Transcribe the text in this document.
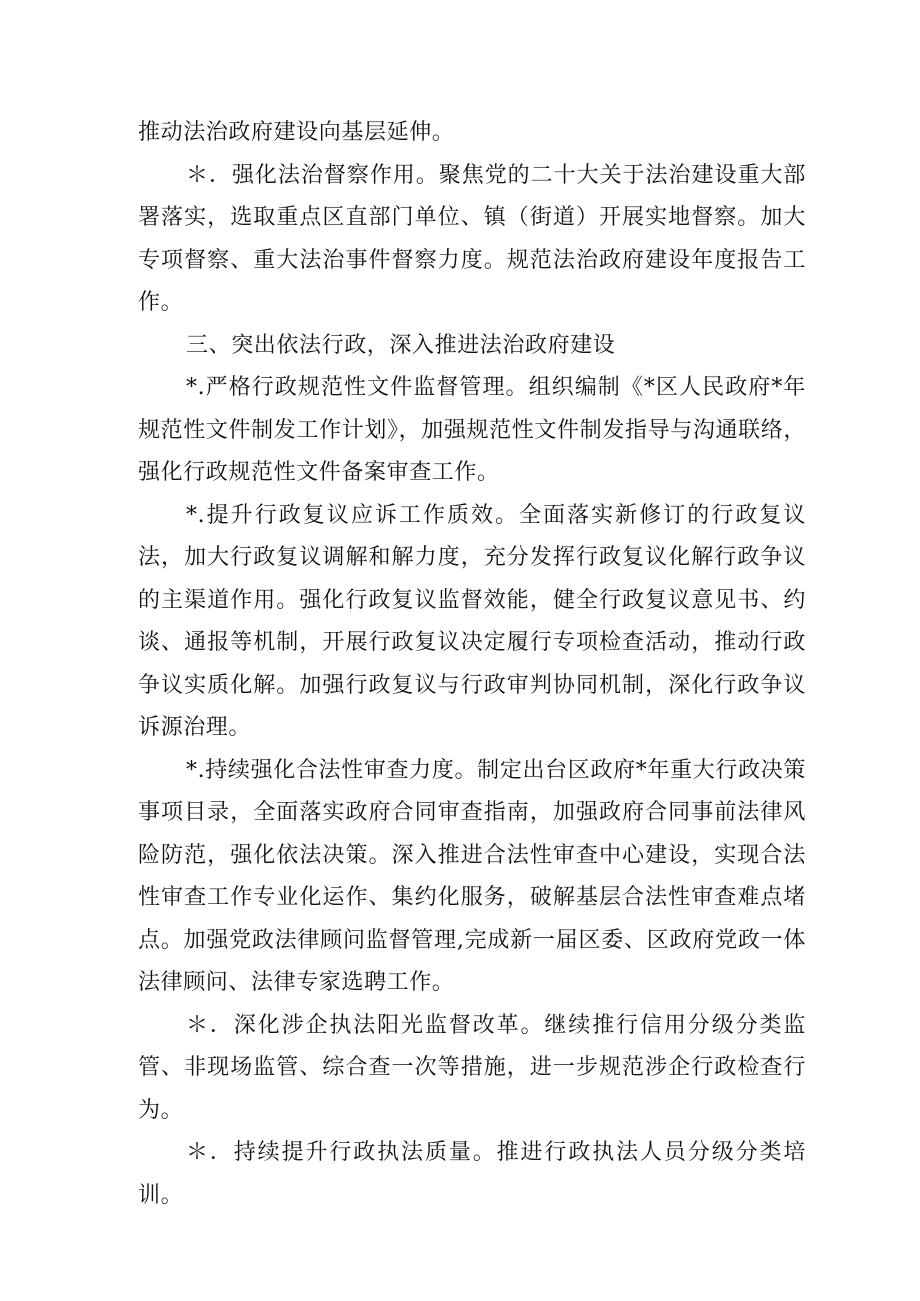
推动法治政府建设向基层延伸。

＊．强化法治督察作用。聚焦党的二十大关于法治建设重大部署落实，选取重点区直部门单位、镇（街道）开展实地督察。加大专项督察、重大法治事件督察力度。规范法治政府建设年度报告工作。

三、突出依法行政，深入推进法治政府建设

*.严格行政规范性文件监督管理。组织编制《*区人民政府*年规范性文件制发工作计划》，加强规范性文件制发指导与沟通联络，强化行政规范性文件备案审查工作。

*.提升行政复议应诉工作质效。全面落实新修订的行政复议法，加大行政复议调解和解力度，充分发挥行政复议化解行政争议的主渠道作用。强化行政复议监督效能，健全行政复议意见书、约谈、通报等机制，开展行政复议决定履行专项检查活动，推动行政争议实质化解。加强行政复议与行政审判协同机制，深化行政争议诉源治理。

*.持续强化合法性审查力度。制定出台区政府*年重大行政决策事项目录，全面落实政府合同审查指南，加强政府合同事前法律风险防范，强化依法决策。深入推进合法性审查中心建设，实现合法性审查工作专业化运作、集约化服务，破解基层合法性审查难点堵点。加强党政法律顾问监督管理,完成新一届区委、区政府党政一体法律顾问、法律专家选聘工作。

＊．深化涉企执法阳光监督改革。继续推行信用分级分类监管、非现场监管、综合查一次等措施，进一步规范涉企行政检查行为。

＊．持续提升行政执法质量。推进行政执法人员分级分类培训。
